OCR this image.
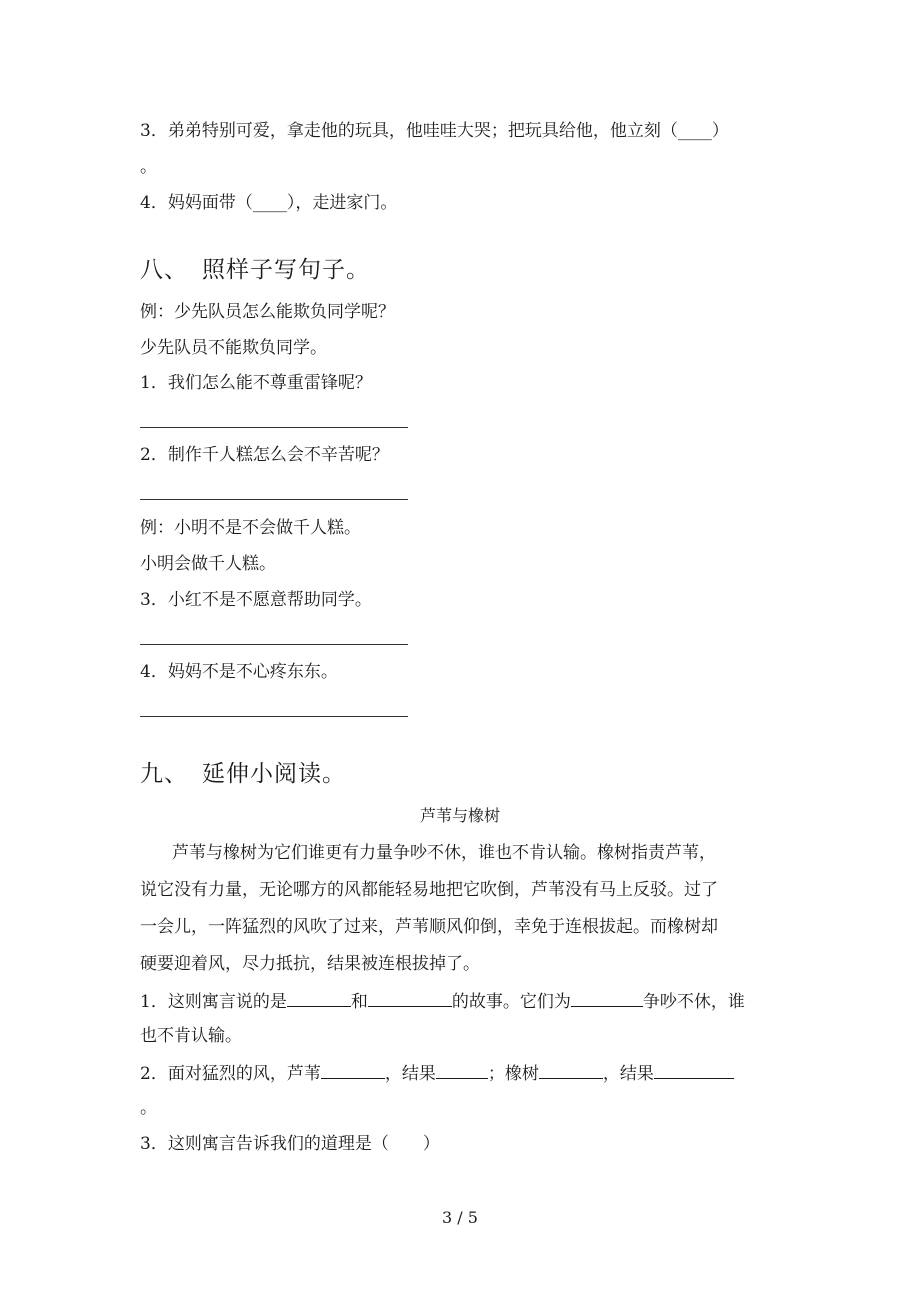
3．弟弟特别可爱，拿走他的玩具，他哇哇大哭；把玩具给他，他立刻（____）
。
4．妈妈面带（____），走进家门。
八、 照样子写句子。
例：少先队员怎么能欺负同学呢？
少先队员不能欺负同学。
1．我们怎么能不尊重雷锋呢？
2．制作千人糕怎么会不辛苦呢？
例：小明不是不会做千人糕。
小明会做千人糕。
3．小红不是不愿意帮助同学。
4．妈妈不是不心疼东东。
九、 延伸小阅读。
芦苇与橡树
芦苇与橡树为它们谁更有力量争吵不休，谁也不肯认输。橡树指责芦苇，
说它没有力量，无论哪方的风都能轻易地把它吹倒，芦苇没有马上反驳。过了
一会儿，一阵猛烈的风吹了过来，芦苇顺风仰倒，幸免于连根拔起。而橡树却
硬要迎着风，尽力抵抗，结果被连根拔掉了。
1．这则寓言说的是	和	的故事。它们为	争吵不休，谁
也不肯认输。
2．面对猛烈的风，芦苇	，结果	；橡树	，结果
。
3．这则寓言告诉我们的道理是（　　）
3 / 5
